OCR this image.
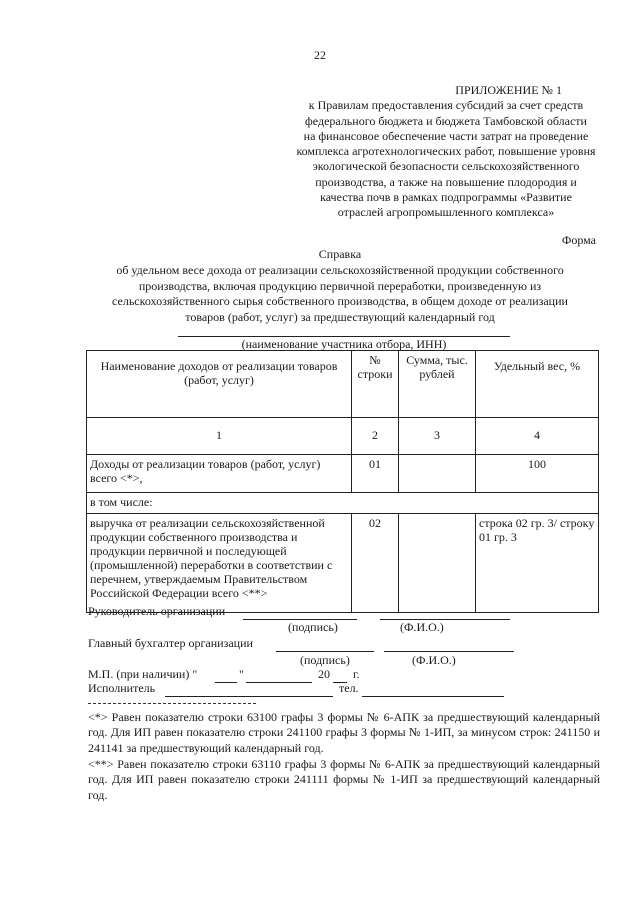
22
ПРИЛОЖЕНИЕ № 1
к Правилам предоставления субсидий за счет средств
федерального бюджета и бюджета Тамбовской области
на финансовое обеспечение части затрат на проведение
комплекса агротехнологических работ, повышение уровня
экологической безопасности сельскохозяйственного
производства, а также на повышение плодородия и
качества почв в рамках подпрограммы «Развитие
отраслей агропромышленного комплекса»
Форма
Справка
об удельном весе дохода от реализации сельскохозяйственной продукции собственного
производства, включая продукцию первичной переработки, произведенную из
сельскохозяйственного сырья собственного производства, в общем доходе от реализации
товаров (работ, услуг) за предшествующий календарный год
(наименование участника отбора, ИНН)
Наименование доходов от реализации товаров (работ, услуг)	№ строки	Сумма, тыс. рублей	Удельный вес, %
1	2	3	4
Доходы от реализации товаров (работ, услуг) всего <*>,	01		100
в том числе:			
выручка от реализации сельскохозяйственной продукции собственного производства и продукции первичной и последующей (промышленной) переработки в соответствии с перечнем, утверждаемым Правительством Российской Федерации всего <**>	02		строка 02 гр. 3/ строку 01 гр. 3
Руководитель организации
(подпись)	(Ф.И.О.)
Главный бухгалтер организации
(подпись)	(Ф.И.О.)
М.П. (при наличии) "	"	20 г.
Исполнитель	тел.
<*> Равен показателю строки 63100 графы 3 формы № 6-АПК за предшествующий календарный год. Для ИП равен показателю строки 241100 графы 3 формы № 1-ИП, за минусом строк: 241150 и 241141 за предшествующий календарный год.
<**> Равен показателю строки 63110 графы 3 формы № 6-АПК за предшествующий календарный год. Для ИП равен показателю строки 241111 формы № 1-ИП за предшествующий календарный год.
